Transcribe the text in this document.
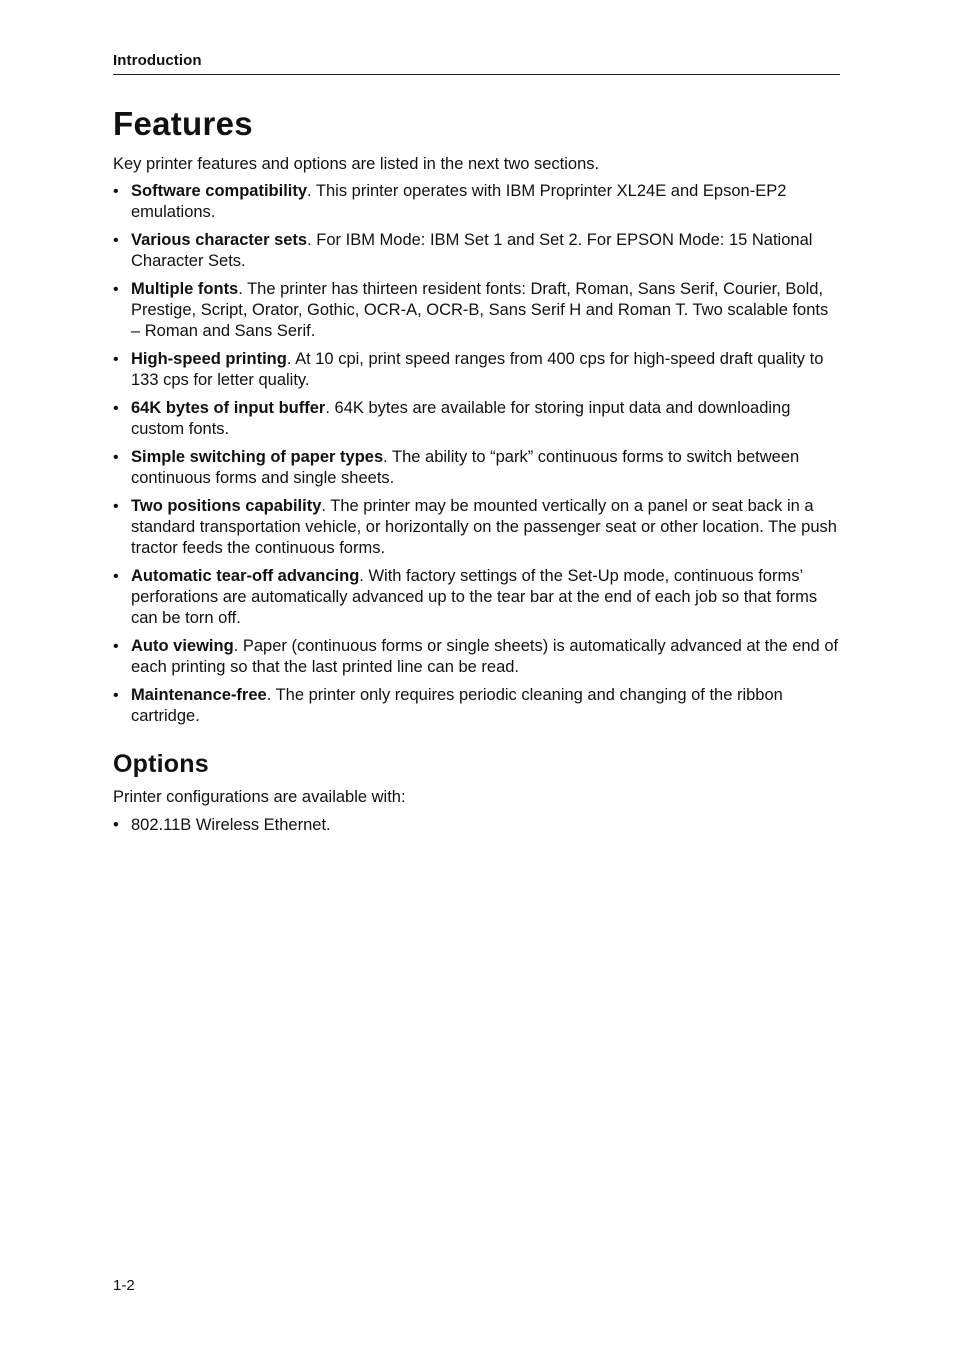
Introduction
Features

Key printer features and options are listed in the next two sections.

• Software compatibility. This printer operates with IBM Proprinter XL24E and Epson-EP2 emulations.
• Various character sets. For IBM Mode: IBM Set 1 and Set 2. For EPSON Mode: 15 National Character Sets.
• Multiple fonts. The printer has thirteen resident fonts: Draft, Roman, Sans Serif, Courier, Bold, Prestige, Script, Orator, Gothic, OCR-A, OCR-B, Sans Serif H and Roman T. Two scalable fonts – Roman and Sans Serif.
• High-speed printing. At 10 cpi, print speed ranges from 400 cps for high-speed draft quality to 133 cps for letter quality.
• 64K bytes of input buffer. 64K bytes are available for storing input data and downloading custom fonts.
• Simple switching of paper types. The ability to “park” continuous forms to switch between continuous forms and single sheets.
• Two positions capability. The printer may be mounted vertically on a panel or seat back in a standard transportation vehicle, or horizontally on the passenger seat or other location. The push tractor feeds the continuous forms.
• Automatic tear-off advancing. With factory settings of the Set-Up mode, continuous forms’ perforations are automatically advanced up to the tear bar at the end of each job so that forms can be torn off.
• Auto viewing. Paper (continuous forms or single sheets) is automatically advanced at the end of each printing so that the last printed line can be read.
• Maintenance-free. The printer only requires periodic cleaning and changing of the ribbon cartridge.
Options

Printer configurations are available with:

• 802.11B Wireless Ethernet.
1-2
